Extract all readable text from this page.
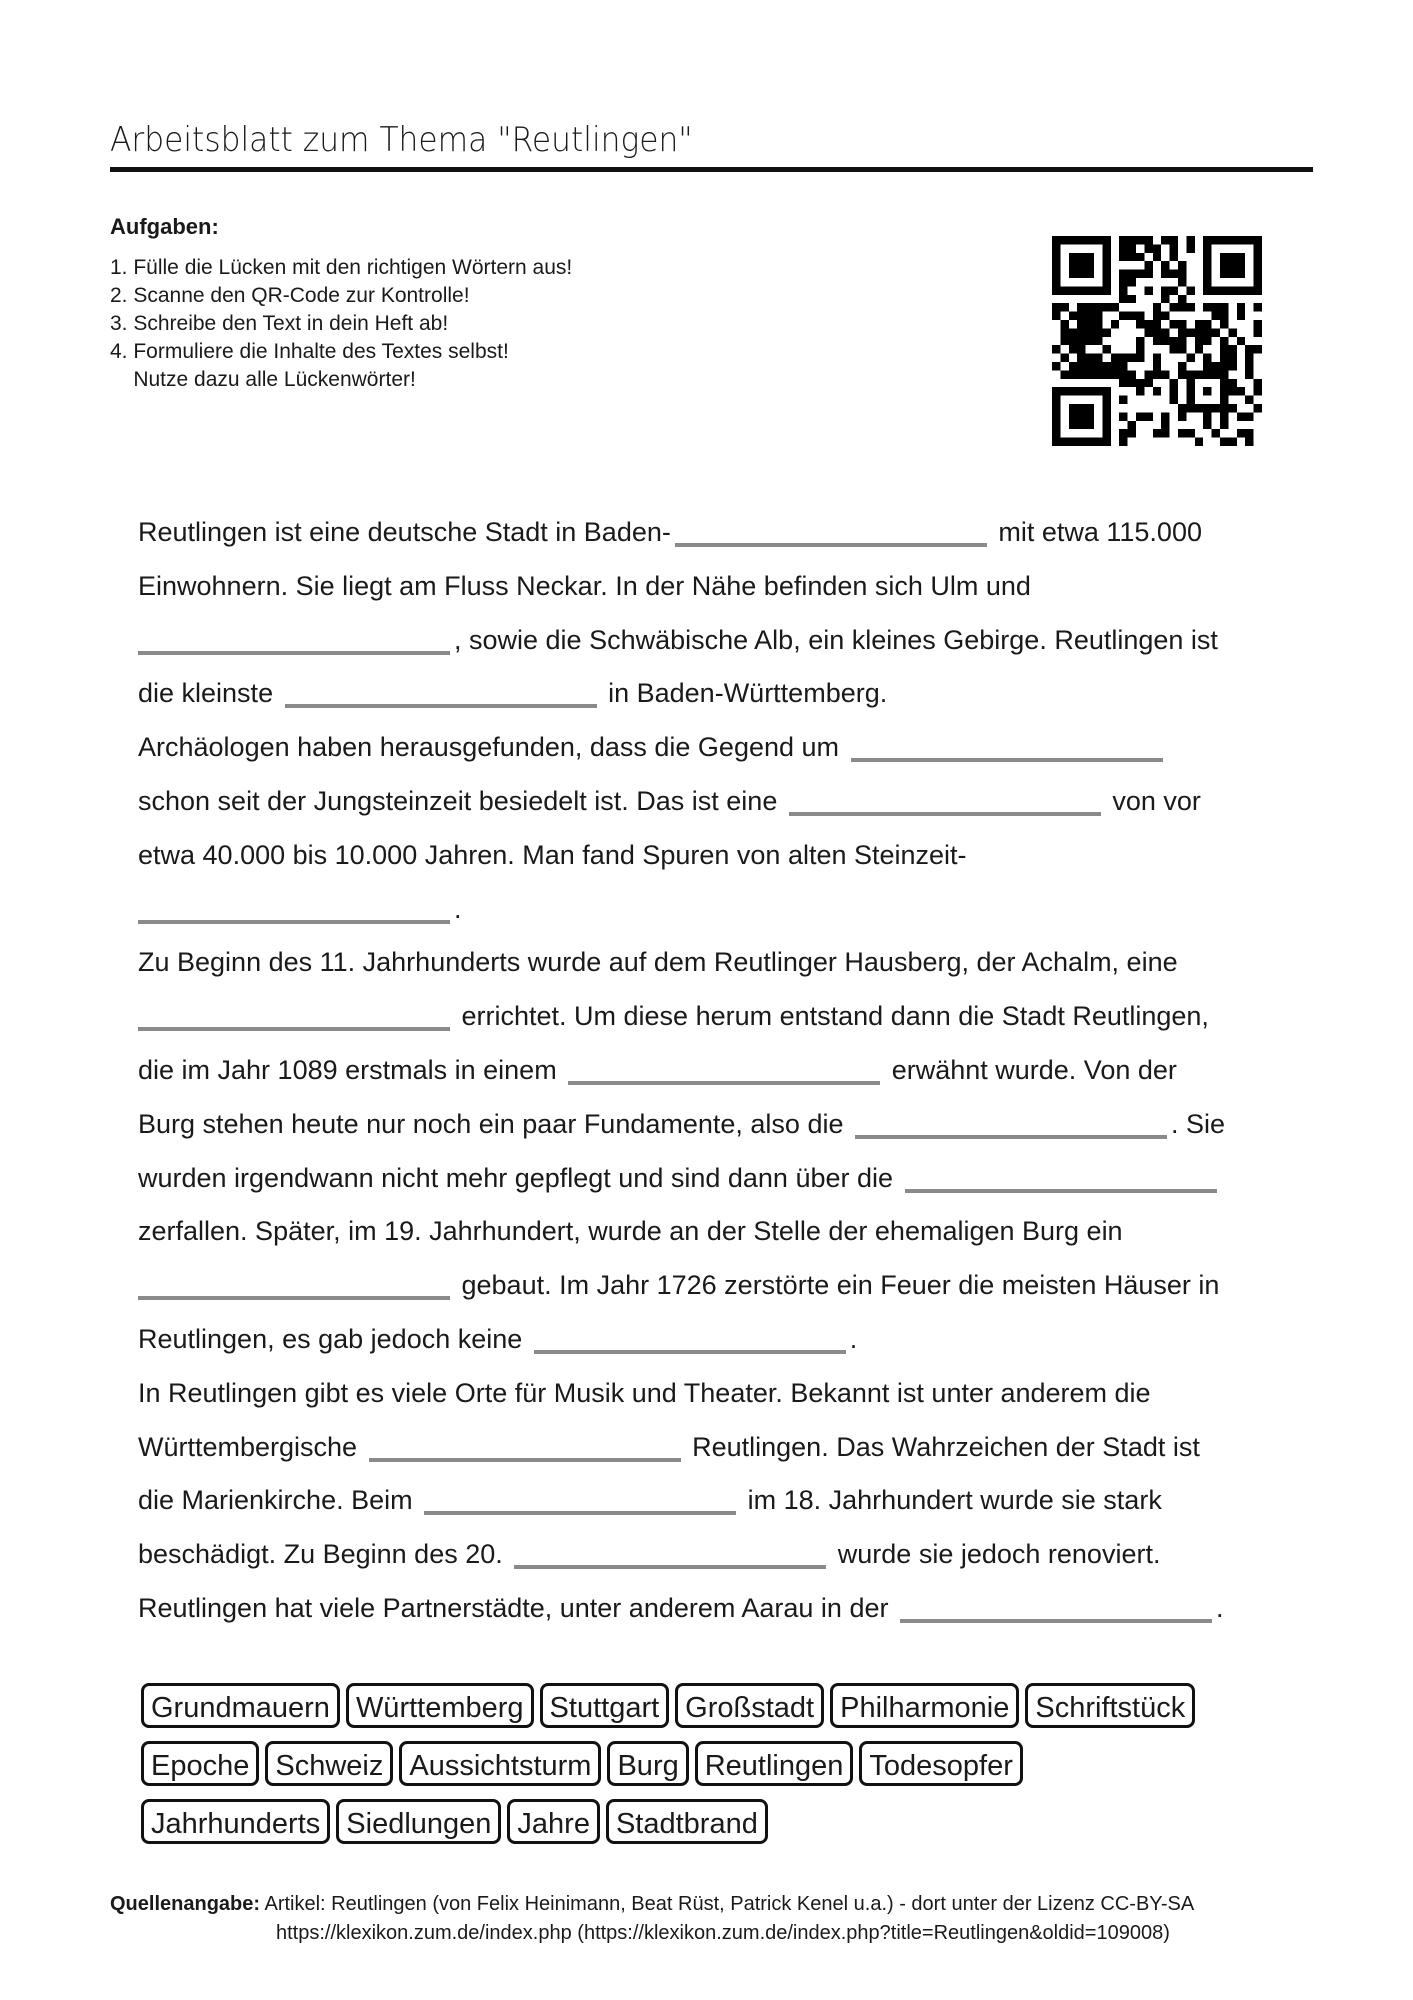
Arbeitsblatt zum Thema "Reutlingen"
Aufgaben:
1. Fülle die Lücken mit den richtigen Wörtern aus!
2. Scanne den QR-Code zur Kontrolle!
3. Schreibe den Text in dein Heft ab!
4. Formuliere die Inhalte des Textes selbst!
Nutze dazu alle Lückenwörter!
Reutlingen ist eine deutsche Stadt in Baden-	mit etwa 115.000
Einwohnern. Sie liegt am Fluss Neckar. In der Nähe befinden sich Ulm und
, sowie die Schwäbische Alb, ein kleines Gebirge. Reutlingen ist
die kleinste	in Baden-Württemberg.
Archäologen haben herausgefunden, dass die Gegend um
schon seit der Jungsteinzeit besiedelt ist. Das ist eine	von vor
etwa 40.000 bis 10.000 Jahren. Man fand Spuren von alten Steinzeit-
.
Zu Beginn des 11. Jahrhunderts wurde auf dem Reutlinger Hausberg, der Achalm, eine
errichtet. Um diese herum entstand dann die Stadt Reutlingen,
die im Jahr 1089 erstmals in einem	erwähnt wurde. Von der
Burg stehen heute nur noch ein paar Fundamente, also die	. Sie
wurden irgendwann nicht mehr gepflegt und sind dann über die
zerfallen. Später, im 19. Jahrhundert, wurde an der Stelle der ehemaligen Burg ein
gebaut. Im Jahr 1726 zerstörte ein Feuer die meisten Häuser in
Reutlingen, es gab jedoch keine	.
In Reutlingen gibt es viele Orte für Musik und Theater. Bekannt ist unter anderem die
Württembergische	Reutlingen. Das Wahrzeichen der Stadt ist
die Marienkirche. Beim	im 18. Jahrhundert wurde sie stark
beschädigt. Zu Beginn des 20.	wurde sie jedoch renoviert.
Reutlingen hat viele Partnerstädte, unter anderem Aarau in der	.
Grundmauern Württemberg Stuttgart Großstadt Philharmonie Schriftstück
Epoche Schweiz Aussichtsturm Burg Reutlingen Todesopfer
Jahrhunderts Siedlungen Jahre Stadtbrand
Quellenangabe: Artikel: Reutlingen (von Felix Heinimann, Beat Rüst, Patrick Kenel u.a.) - dort unter der Lizenz CC-BY-SA
https://klexikon.zum.de/index.php (https://klexikon.zum.de/index.php?title=Reutlingen&oldid=109008)
